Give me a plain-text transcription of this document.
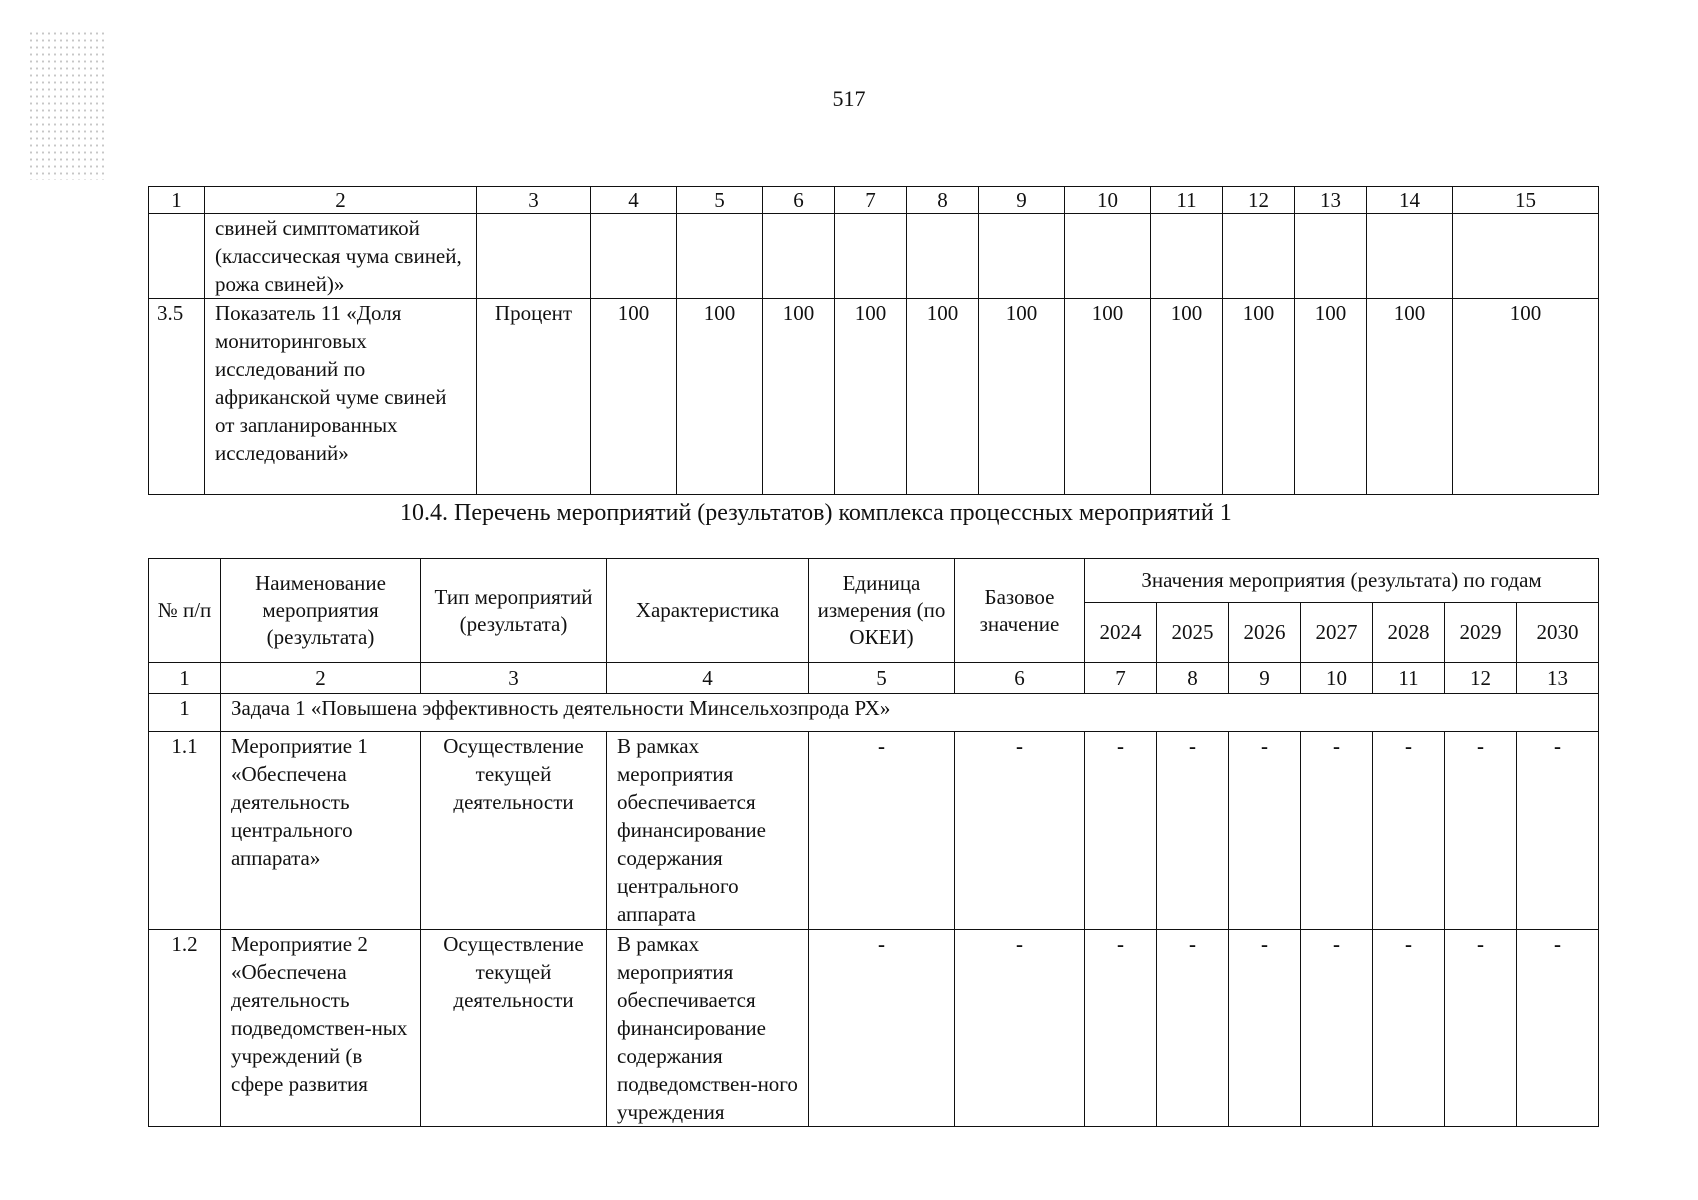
517
1	2	3	4	5	6	7	8	9	10	11	12	13	14	15
	свиней симптоматикой (классическая чума свиней, рожа свиней)»													
3.5	Показатель 11 «Доля мониторинговых исследований по африканской чуме свиней от запланированных исследований»	Процент	100	100	100	100	100	100	100	100	100	100	100	100
10.4. Перечень мероприятий (результатов) комплекса процессных мероприятий 1
№ п/п	Наименование мероприятия (результата)	Тип мероприятий (результата)	Характеристика	Единица измерения (по ОКЕИ)	Базовое значение	Значения мероприятия (результата) по годам						
						2024	2025	2026	2027	2028	2029	2030
1	2	3	4	5	6	7	8	9	10	11	12	13
1	Задача 1 «Повышена эффективность деятельности Минсельхозпрода РХ»											
1.1	Мероприятие 1 «Обеспечена деятельность центрального аппарата»	Осуществление текущей деятельности	В рамках мероприятия обеспечивается финансирование содержания центрального аппарата	-	-	-	-	-	-	-	-	-
1.2	Мероприятие 2 «Обеспечена деятельность подведомствен-ных учреждений (в сфере развития	Осуществление текущей деятельности	В рамках мероприятия обеспечивается финансирование содержания подведомствен-ного учреждения	-	-	-	-	-	-	-	-	-
